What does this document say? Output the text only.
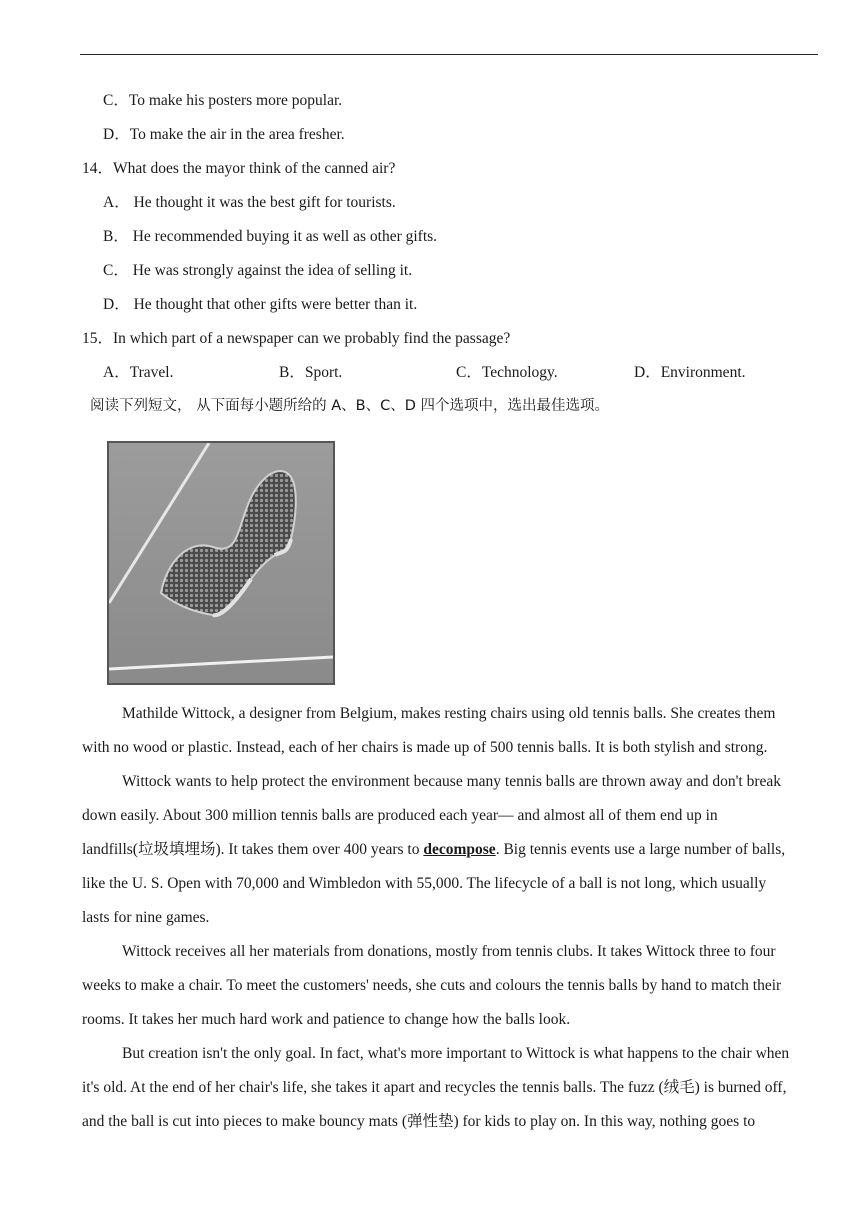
C．To make his posters more popular.
D．To make the air in the area fresher.
14．What does the mayor think of the canned air?
A． He thought it was the best gift for tourists.
B． He recommended buying it as well as other gifts.
C． He was strongly against the idea of selling it.
D． He thought that other gifts were better than it.
15．In which part of a newspaper can we probably find the passage?
A．Travel.	B．Sport.	C．Technology.	D．Environment.
阅读下列短文， 从下面每小题所给的 A、B、C、D 四个选项中，选出最佳选项。
Mathilde Wittock, a designer from Belgium, makes resting chairs using old tennis balls. She creates them
with no wood or plastic. Instead, each of her chairs is made up of 500 tennis balls. It is both stylish and strong.
Wittock wants to help protect the environment because many tennis balls are thrown away and don't break
down easily. About 300 million tennis balls are produced each year— and almost all of them end up in
landfills(垃圾填埋场). It takes them over 400 years to decompose. Big tennis events use a large number of balls,
like the U. S. Open with 70,000 and Wimbledon with 55,000. The lifecycle of a ball is not long, which usually
lasts for nine games.
Wittock receives all her materials from donations, mostly from tennis clubs. It takes Wittock three to four
weeks to make a chair. To meet the customers' needs, she cuts and colours the tennis balls by hand to match their
rooms. It takes her much hard work and patience to change how the balls look.
But creation isn't the only goal. In fact, what's more important to Wittock is what happens to the chair when
it's old. At the end of her chair's life, she takes it apart and recycles the tennis balls. The fuzz (绒毛) is burned off,
and the ball is cut into pieces to make bouncy mats (弹性垫) for kids to play on. In this way, nothing goes to
